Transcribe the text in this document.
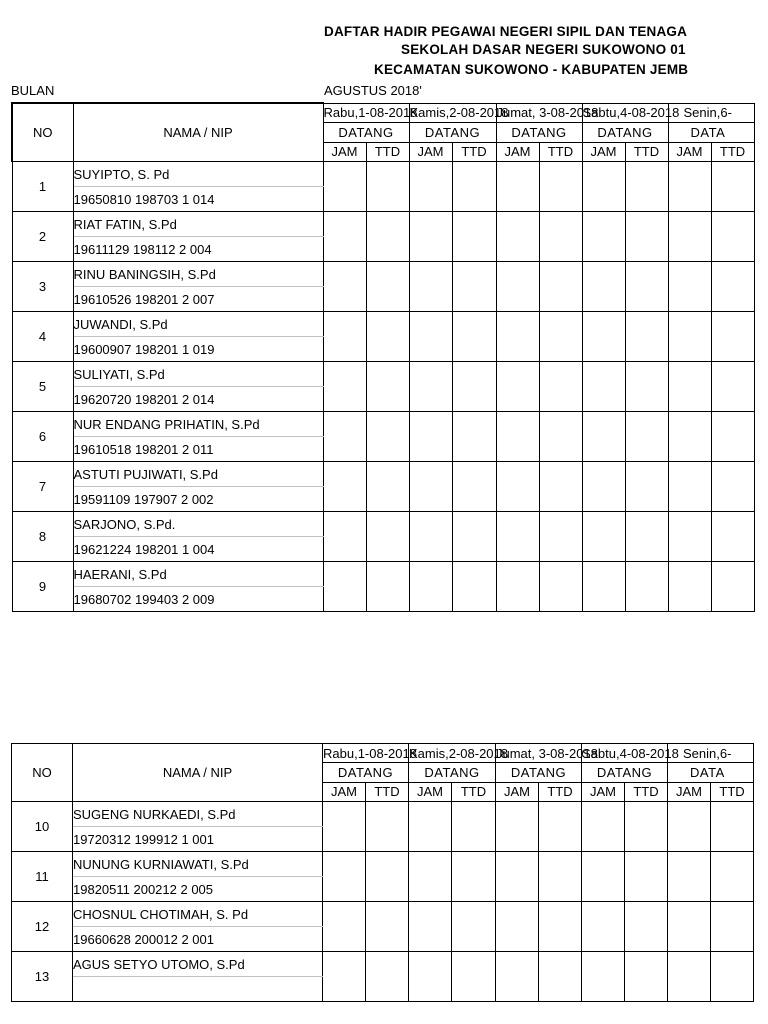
DAFTAR HADIR PEGAWAI NEGERI SIPIL DAN TENAGA
SEKOLAH DASAR NEGERI SUKOWONO 01
KECAMATAN SUKOWONO - KABUPATEN JEMB
BULAN	AGUSTUS 2018'
NO	NAMA / NIP	Rabu,1-08-2018		Kamis,2-08-2018		Jumat, 3-08-2018		Sabtu,4-08-2018		Senin,6-	
		DATANG		DATANG		DATANG		DATANG		DATA	
		JAM	TTD	JAM	TTD	JAM	TTD	JAM	TTD	JAM	TTD
1	SUYIPTO, S. Pd										
	19650810 198703 1 014										
2	RIAT FATIN, S.Pd										
	19611129 198112 2 004										
3	RINU BANINGSIH, S.Pd										
	19610526 198201 2 007										
4	JUWANDI, S.Pd										
	19600907 198201 1 019										
5	SULIYATI, S.Pd										
	19620720 198201 2 014										
6	NUR ENDANG PRIHATIN, S.Pd										
	19610518 198201 2 011										
7	ASTUTI PUJIWATI, S.Pd										
	19591109 197907 2 002										
8	SARJONO, S.Pd.										
	19621224 198201 1 004										
9	HAERANI, S.Pd										
	19680702 199403 2 009										
NO	NAMA / NIP	Rabu,1-08-2018		Kamis,2-08-2018		Jumat, 3-08-2018		Sabtu,4-08-2018		Senin,6-	
		DATANG		DATANG		DATANG		DATANG		DATA	
		JAM	TTD	JAM	TTD	JAM	TTD	JAM	TTD	JAM	TTD
10	SUGENG NURKAEDI, S.Pd										
	19720312 199912 1 001										
11	NUNUNG KURNIAWATI, S.Pd										
	19820511 200212 2 005										
12	CHOSNUL CHOTIMAH, S. Pd										
	19660628 200012 2 001										
13	AGUS SETYO UTOMO, S.Pd										
